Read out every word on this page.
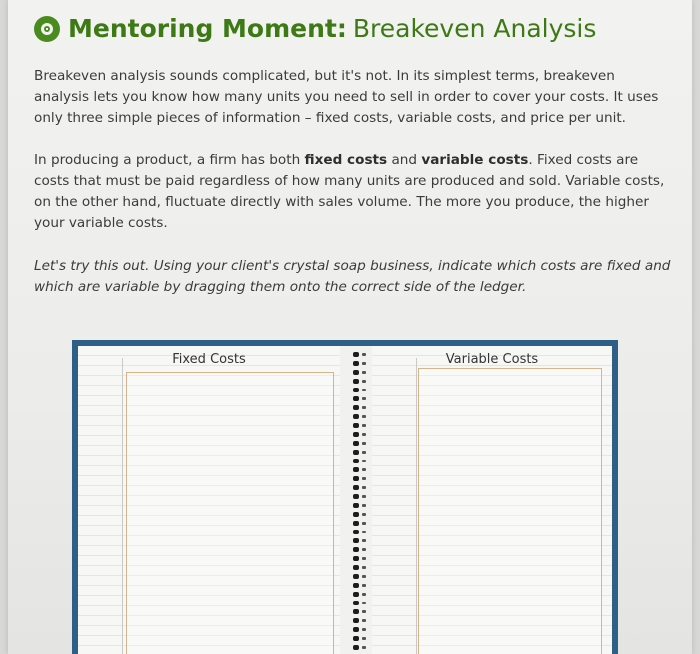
Mentoring Moment: Breakeven Analysis
Breakeven analysis sounds complicated, but it's not. In its simplest terms, breakeven analysis lets you know how many units you need to sell in order to cover your costs. It uses only three simple pieces of information – fixed costs, variable costs, and price per unit.
In producing a product, a firm has both fixed costs and variable costs. Fixed costs are costs that must be paid regardless of how many units are produced and sold. Variable costs, on the other hand, fluctuate directly with sales volume. The more you produce, the higher your variable costs.
Let's try this out. Using your client's crystal soap business, indicate which costs are fixed and which are variable by dragging them onto the correct side of the ledger.
Fixed Costs	Variable Costs
